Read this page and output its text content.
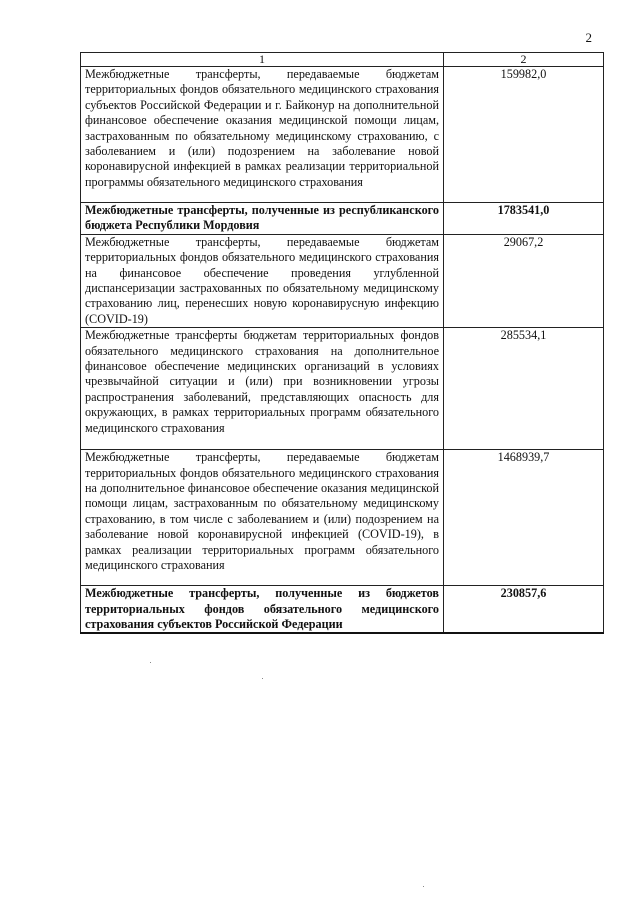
2
1	2
Межбюджетные трансферты, передаваемые бюджетам территориальных фондов обязательного медицинского страхования субъектов Российской Федерации и г. Байконур на дополнительной финансовое обеспечение оказания медицинской помощи лицам, застрахованным по обязательному медицинскому страхованию, с заболеванием и (или) подозрением на заболевание новой коронавирусной инфекцией в рамках реализации территориальной программы обязательного медицинского страхования	159982,0
Межбюджетные трансферты, полученные из республиканского бюджета Республики Мордовия	1783541,0
Межбюджетные трансферты, передаваемые бюджетам территориальных фондов обязательного медицинского страхования на финансовое обеспечение проведения углубленной диспансеризации застрахованных по обязательному медицинскому страхованию лиц, перенесших новую коронавирусную инфекцию (COVID-19)	29067,2
Межбюджетные трансферты бюджетам территориальных фондов обязательного медицинского страхования на дополнительное финансовое обеспечение медицинских организаций в условиях чрезвычайной ситуации и (или) при возникновении угрозы распространения заболеваний, представляющих опасность для окружающих, в рамках территориальных программ обязательного медицинского страхования	285534,1
Межбюджетные трансферты, передаваемые бюджетам территориальных фондов обязательного медицинского страхования на дополнительное финансовое обеспечение оказания медицинской помощи лицам, застрахованным по обязательному медицинскому страхованию, в том числе с заболеванием и (или) подозрением на заболевание новой коронавирусной инфекцией (COVID-19), в рамках реализации территориальных программ обязательного медицинского страхования	1468939,7
Межбюджетные трансферты, полученные из бюджетов территориальных фондов обязательного медицинского страхования субъектов Российской Федерации	230857,6
